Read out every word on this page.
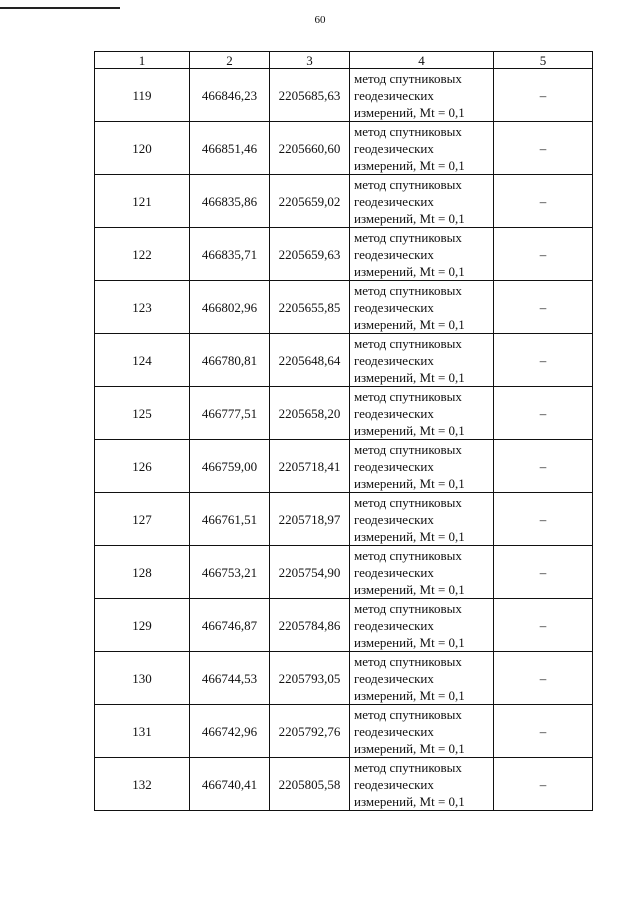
60
1	2	3	4	5
119	466846,23	2205685,63	метод спутниковых
геодезических
измерений, Mt = 0,1	–
120	466851,46	2205660,60	метод спутниковых
геодезических
измерений, Mt = 0,1	–
121	466835,86	2205659,02	метод спутниковых
геодезических
измерений, Mt = 0,1	–
122	466835,71	2205659,63	метод спутниковых
геодезических
измерений, Mt = 0,1	–
123	466802,96	2205655,85	метод спутниковых
геодезических
измерений, Mt = 0,1	–
124	466780,81	2205648,64	метод спутниковых
геодезических
измерений, Mt = 0,1	–
125	466777,51	2205658,20	метод спутниковых
геодезических
измерений, Mt = 0,1	–
126	466759,00	2205718,41	метод спутниковых
геодезических
измерений, Mt = 0,1	–
127	466761,51	2205718,97	метод спутниковых
геодезических
измерений, Mt = 0,1	–
128	466753,21	2205754,90	метод спутниковых
геодезических
измерений, Mt = 0,1	–
129	466746,87	2205784,86	метод спутниковых
геодезических
измерений, Mt = 0,1	–
130	466744,53	2205793,05	метод спутниковых
геодезических
измерений, Mt = 0,1	–
131	466742,96	2205792,76	метод спутниковых
геодезических
измерений, Mt = 0,1	–
132	466740,41	2205805,58	метод спутниковых
геодезических
измерений, Mt = 0,1	–
